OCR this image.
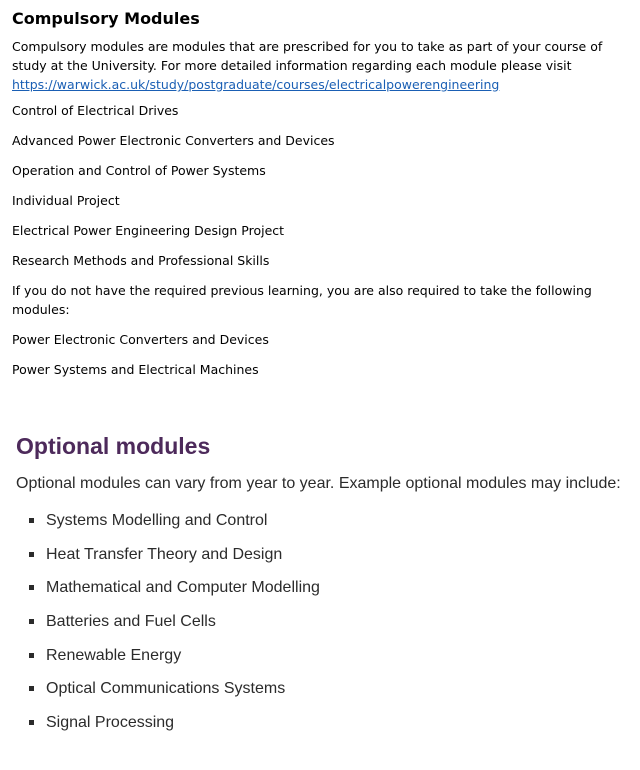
Compulsory Modules

Compulsory modules are modules that are prescribed for you to take as part of your course of study at the University. For more detailed information regarding each module please visit
https://warwick.ac.uk/study/postgraduate/courses/electricalpowerengineering

Control of Electrical Drives
Advanced Power Electronic Converters and Devices
Operation and Control of Power Systems
Individual Project
Electrical Power Engineering Design Project
Research Methods and Professional Skills

If you do not have the required previous learning, you are also required to take the following modules:

Power Electronic Converters and Devices
Power Systems and Electrical Machines
Optional modules

Optional modules can vary from year to year. Example optional modules may include:

Systems Modelling and Control
Heat Transfer Theory and Design
Mathematical and Computer Modelling
Batteries and Fuel Cells
Renewable Energy
Optical Communications Systems
Signal Processing
